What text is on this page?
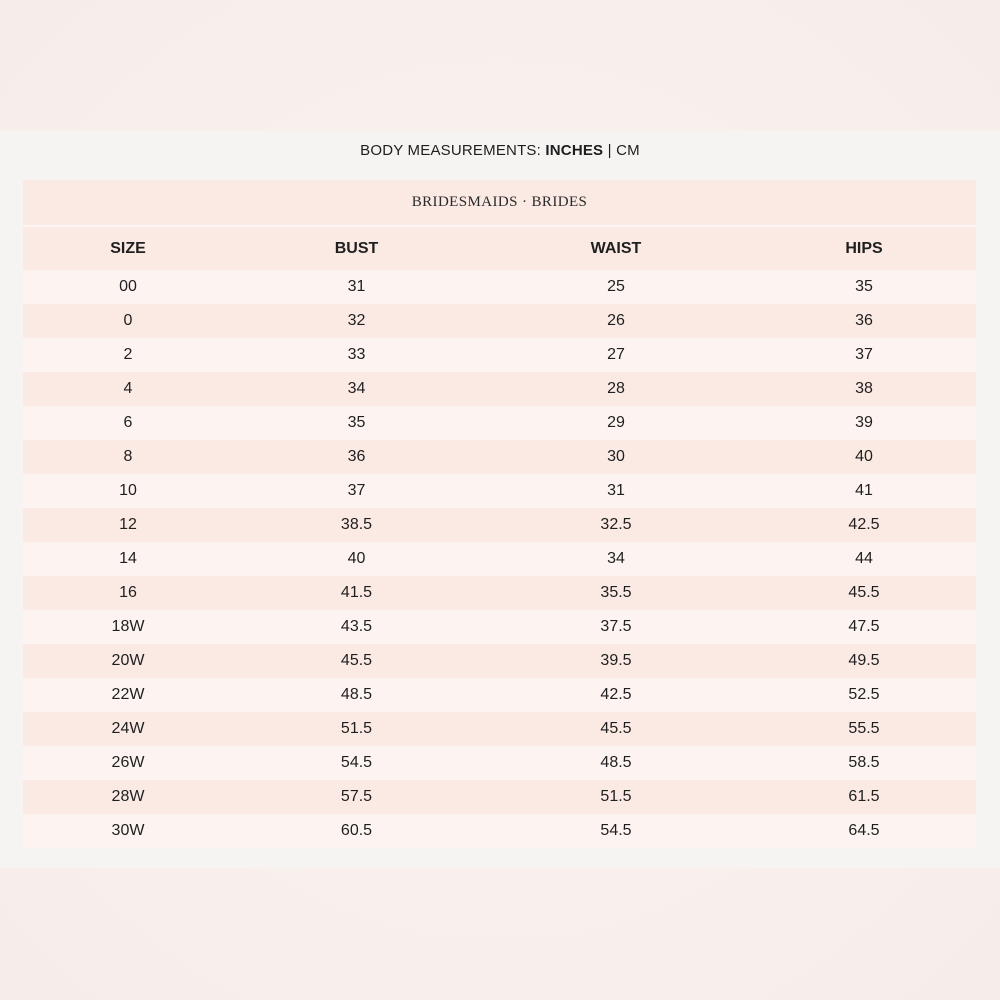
BODY MEASUREMENTS: INCHES | CM
BRIDESMAIDS · BRIDES
SIZE	BUST	WAIST	HIPS
00	31	25	35
0	32	26	36
2	33	27	37
4	34	28	38
6	35	29	39
8	36	30	40
10	37	31	41
12	38.5	32.5	42.5
14	40	34	44
16	41.5	35.5	45.5
18W	43.5	37.5	47.5
20W	45.5	39.5	49.5
22W	48.5	42.5	52.5
24W	51.5	45.5	55.5
26W	54.5	48.5	58.5
28W	57.5	51.5	61.5
30W	60.5	54.5	64.5
